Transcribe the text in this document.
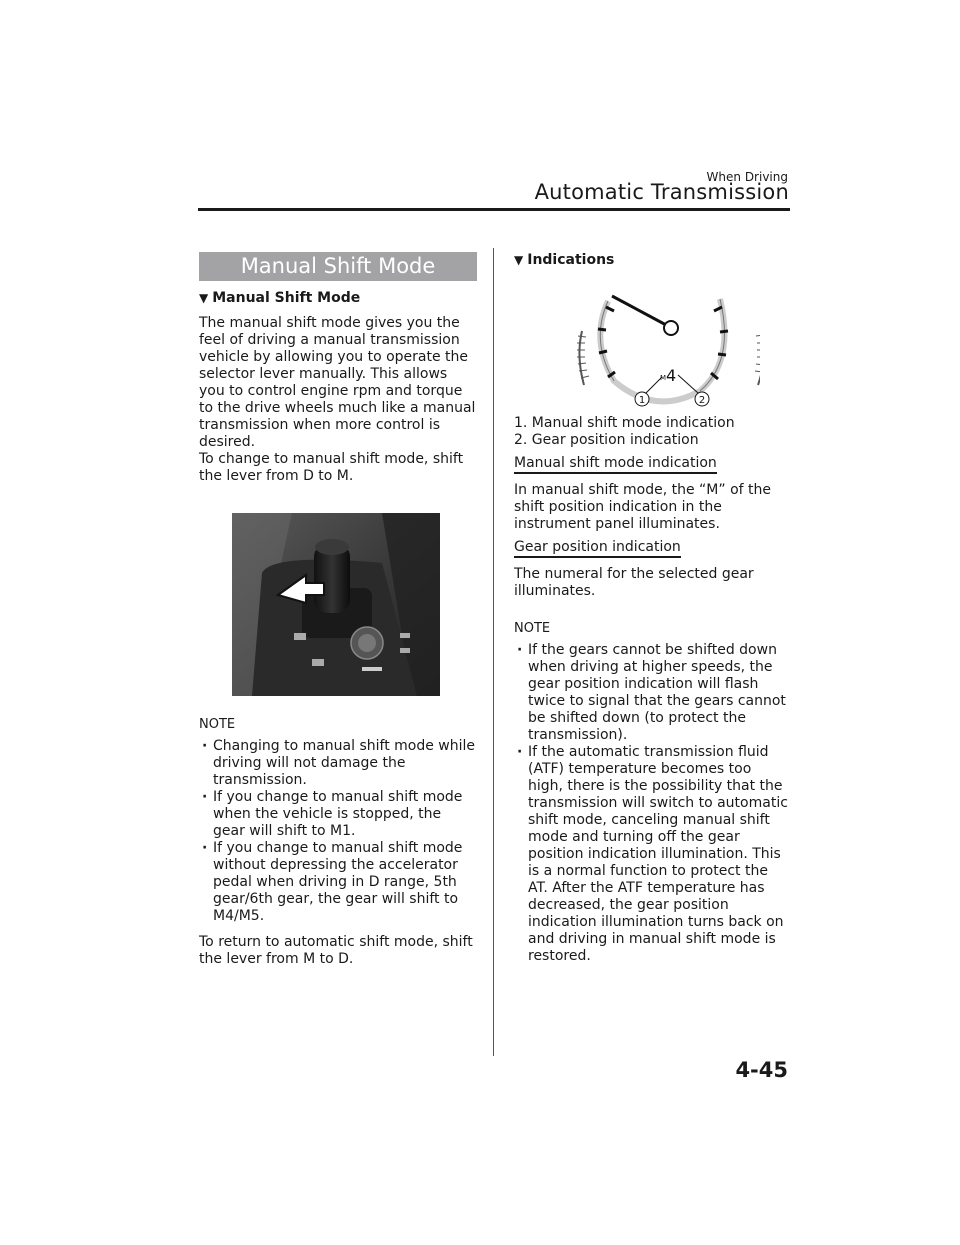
When Driving
Automatic Transmission
Manual Shift Mode
▼ Manual Shift Mode

The manual shift mode gives you the feel of driving a manual transmission vehicle by allowing you to operate the selector lever manually. This allows you to control engine rpm and torque to the drive wheels much like a manual transmission when more control is desired.

To change to manual shift mode, shift the lever from D to M.

NOTE
· Changing to manual shift mode while driving will not damage the transmission.
· If you change to manual shift mode when the vehicle is stopped, the gear will shift to M1.
· If you change to manual shift mode without depressing the accelerator pedal when driving in D range, 5th gear/6th gear, the gear will shift to M4/M5.

To return to automatic shift mode, shift the lever from M to D.

▼ Indications
M 4
1	2
1. Manual shift mode indication
2. Gear position indication
Manual shift mode indication

In manual shift mode, the “M” of the shift position indication in the instrument panel illuminates.

Gear position indication

The numeral for the selected gear illuminates.

NOTE
· If the gears cannot be shifted down when driving at higher speeds, the gear position indication will flash twice to signal that the gears cannot be shifted down (to protect the transmission).
· If the automatic transmission fluid (ATF) temperature becomes too high, there is the possibility that the transmission will switch to automatic shift mode, canceling manual shift mode and turning off the gear position indication illumination. This is a normal function to protect the AT. After the ATF temperature has decreased, the gear position indication illumination turns back on and driving in manual shift mode is restored.
4-45
